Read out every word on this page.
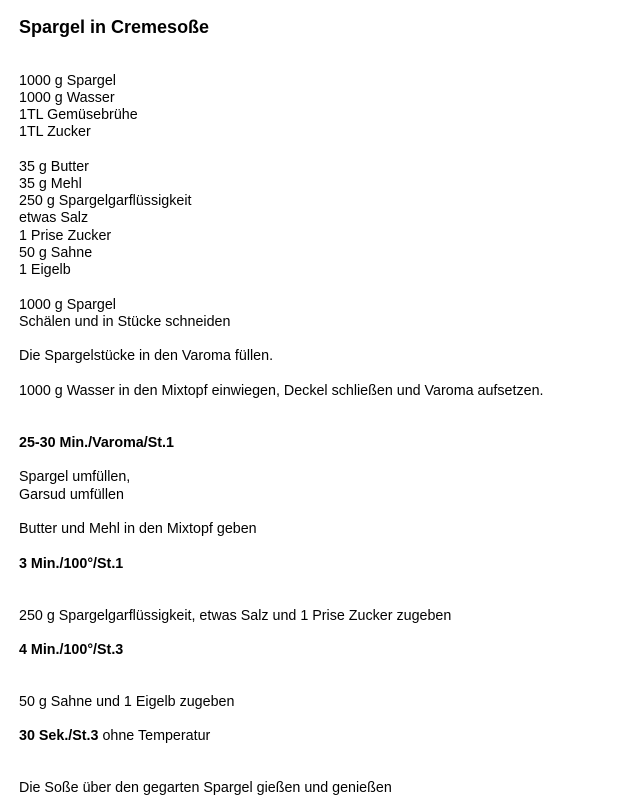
Spargel in Cremesoße
1000 g Spargel
1000 g Wasser
1TL Gemüsebrühe
1TL Zucker
35 g Butter
35 g Mehl
250 g Spargelgarflüssigkeit
etwas Salz
1 Prise Zucker
50 g Sahne
1 Eigelb
1000 g Spargel
Schälen und in Stücke schneiden
Die Spargelstücke in den Varoma füllen.
1000 g Wasser in den Mixtopf einwiegen, Deckel schließen und Varoma aufsetzen.
25-30 Min./Varoma/St.1
Spargel umfüllen,
Garsud umfüllen
Butter und Mehl in den Mixtopf geben
3 Min./100°/St.1
250 g Spargelgarflüssigkeit, etwas Salz und 1 Prise Zucker zugeben
4 Min./100°/St.3
50 g Sahne und 1 Eigelb zugeben
30 Sek./St.3 ohne Temperatur
Die Soße über den gegarten Spargel gießen und genießen
